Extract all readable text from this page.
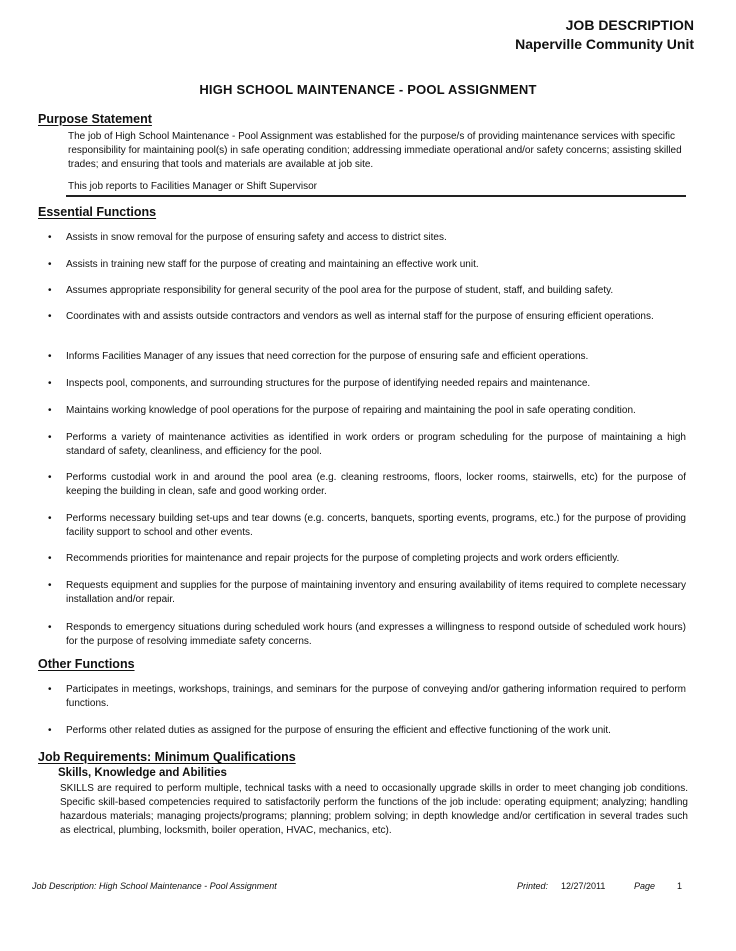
JOB DESCRIPTION
Naperville Community Unit
HIGH SCHOOL MAINTENANCE - POOL ASSIGNMENT
Purpose Statement
The job of High School Maintenance - Pool Assignment was established for the purpose/s of providing maintenance services with specific responsibility for maintaining pool(s) in safe operating condition; addressing immediate operational and/or safety concerns; assisting skilled trades; and ensuring that tools and materials are available at job site.
This job reports to Facilities Manager or Shift Supervisor
Essential Functions
• Assists in snow removal for the purpose of ensuring safety and access to district sites.
• Assists in training new staff for the purpose of creating and maintaining an effective work unit.
• Assumes appropriate responsibility for general security of the pool area for the purpose of student, staff, and building safety.
• Coordinates with and assists outside contractors and vendors as well as internal staff for the purpose of ensuring efficient operations.
• Informs Facilities Manager of any issues that need correction for the purpose of ensuring safe and efficient operations.
• Inspects pool, components, and surrounding structures for the purpose of identifying needed repairs and maintenance.
• Maintains working knowledge of pool operations for the purpose of repairing and maintaining the pool in safe operating condition.
• Performs a variety of maintenance activities as identified in work orders or program scheduling for the purpose of maintaining a high standard of safety, cleanliness, and efficiency for the pool.
• Performs custodial work in and around the pool area (e.g. cleaning restrooms, floors, locker rooms, stairwells, etc) for the purpose of keeping the building in clean, safe and good working order.
• Performs necessary building set-ups and tear downs (e.g. concerts, banquets, sporting events, programs, etc.) for the purpose of providing facility support to school and other events.
• Recommends priorities for maintenance and repair projects for the purpose of completing projects and work orders efficiently.
• Requests equipment and supplies for the purpose of maintaining inventory and ensuring availability of items required to complete necessary installation and/or repair.
• Responds to emergency situations during scheduled work hours (and expresses a willingness to respond outside of scheduled work hours) for the purpose of resolving immediate safety concerns.
Other Functions
• Participates in meetings, workshops, trainings, and seminars for the purpose of conveying and/or gathering information required to perform functions.
• Performs other related duties as assigned for the purpose of ensuring the efficient and effective functioning of the work unit.
Job Requirements: Minimum Qualifications
Skills, Knowledge and Abilities
SKILLS are required to perform multiple, technical tasks with a need to occasionally upgrade skills in order to meet changing job conditions. Specific skill-based competencies required to satisfactorily perform the functions of the job include: operating equipment; analyzing; handling hazardous materials; managing projects/programs; planning; problem solving; in depth knowledge and/or certification in several trades such as electrical, plumbing, locksmith, boiler operation, HVAC, mechanics, etc).
Job Description: High School Maintenance - Pool Assignment	Printed: 12/27/2011	Page 1
